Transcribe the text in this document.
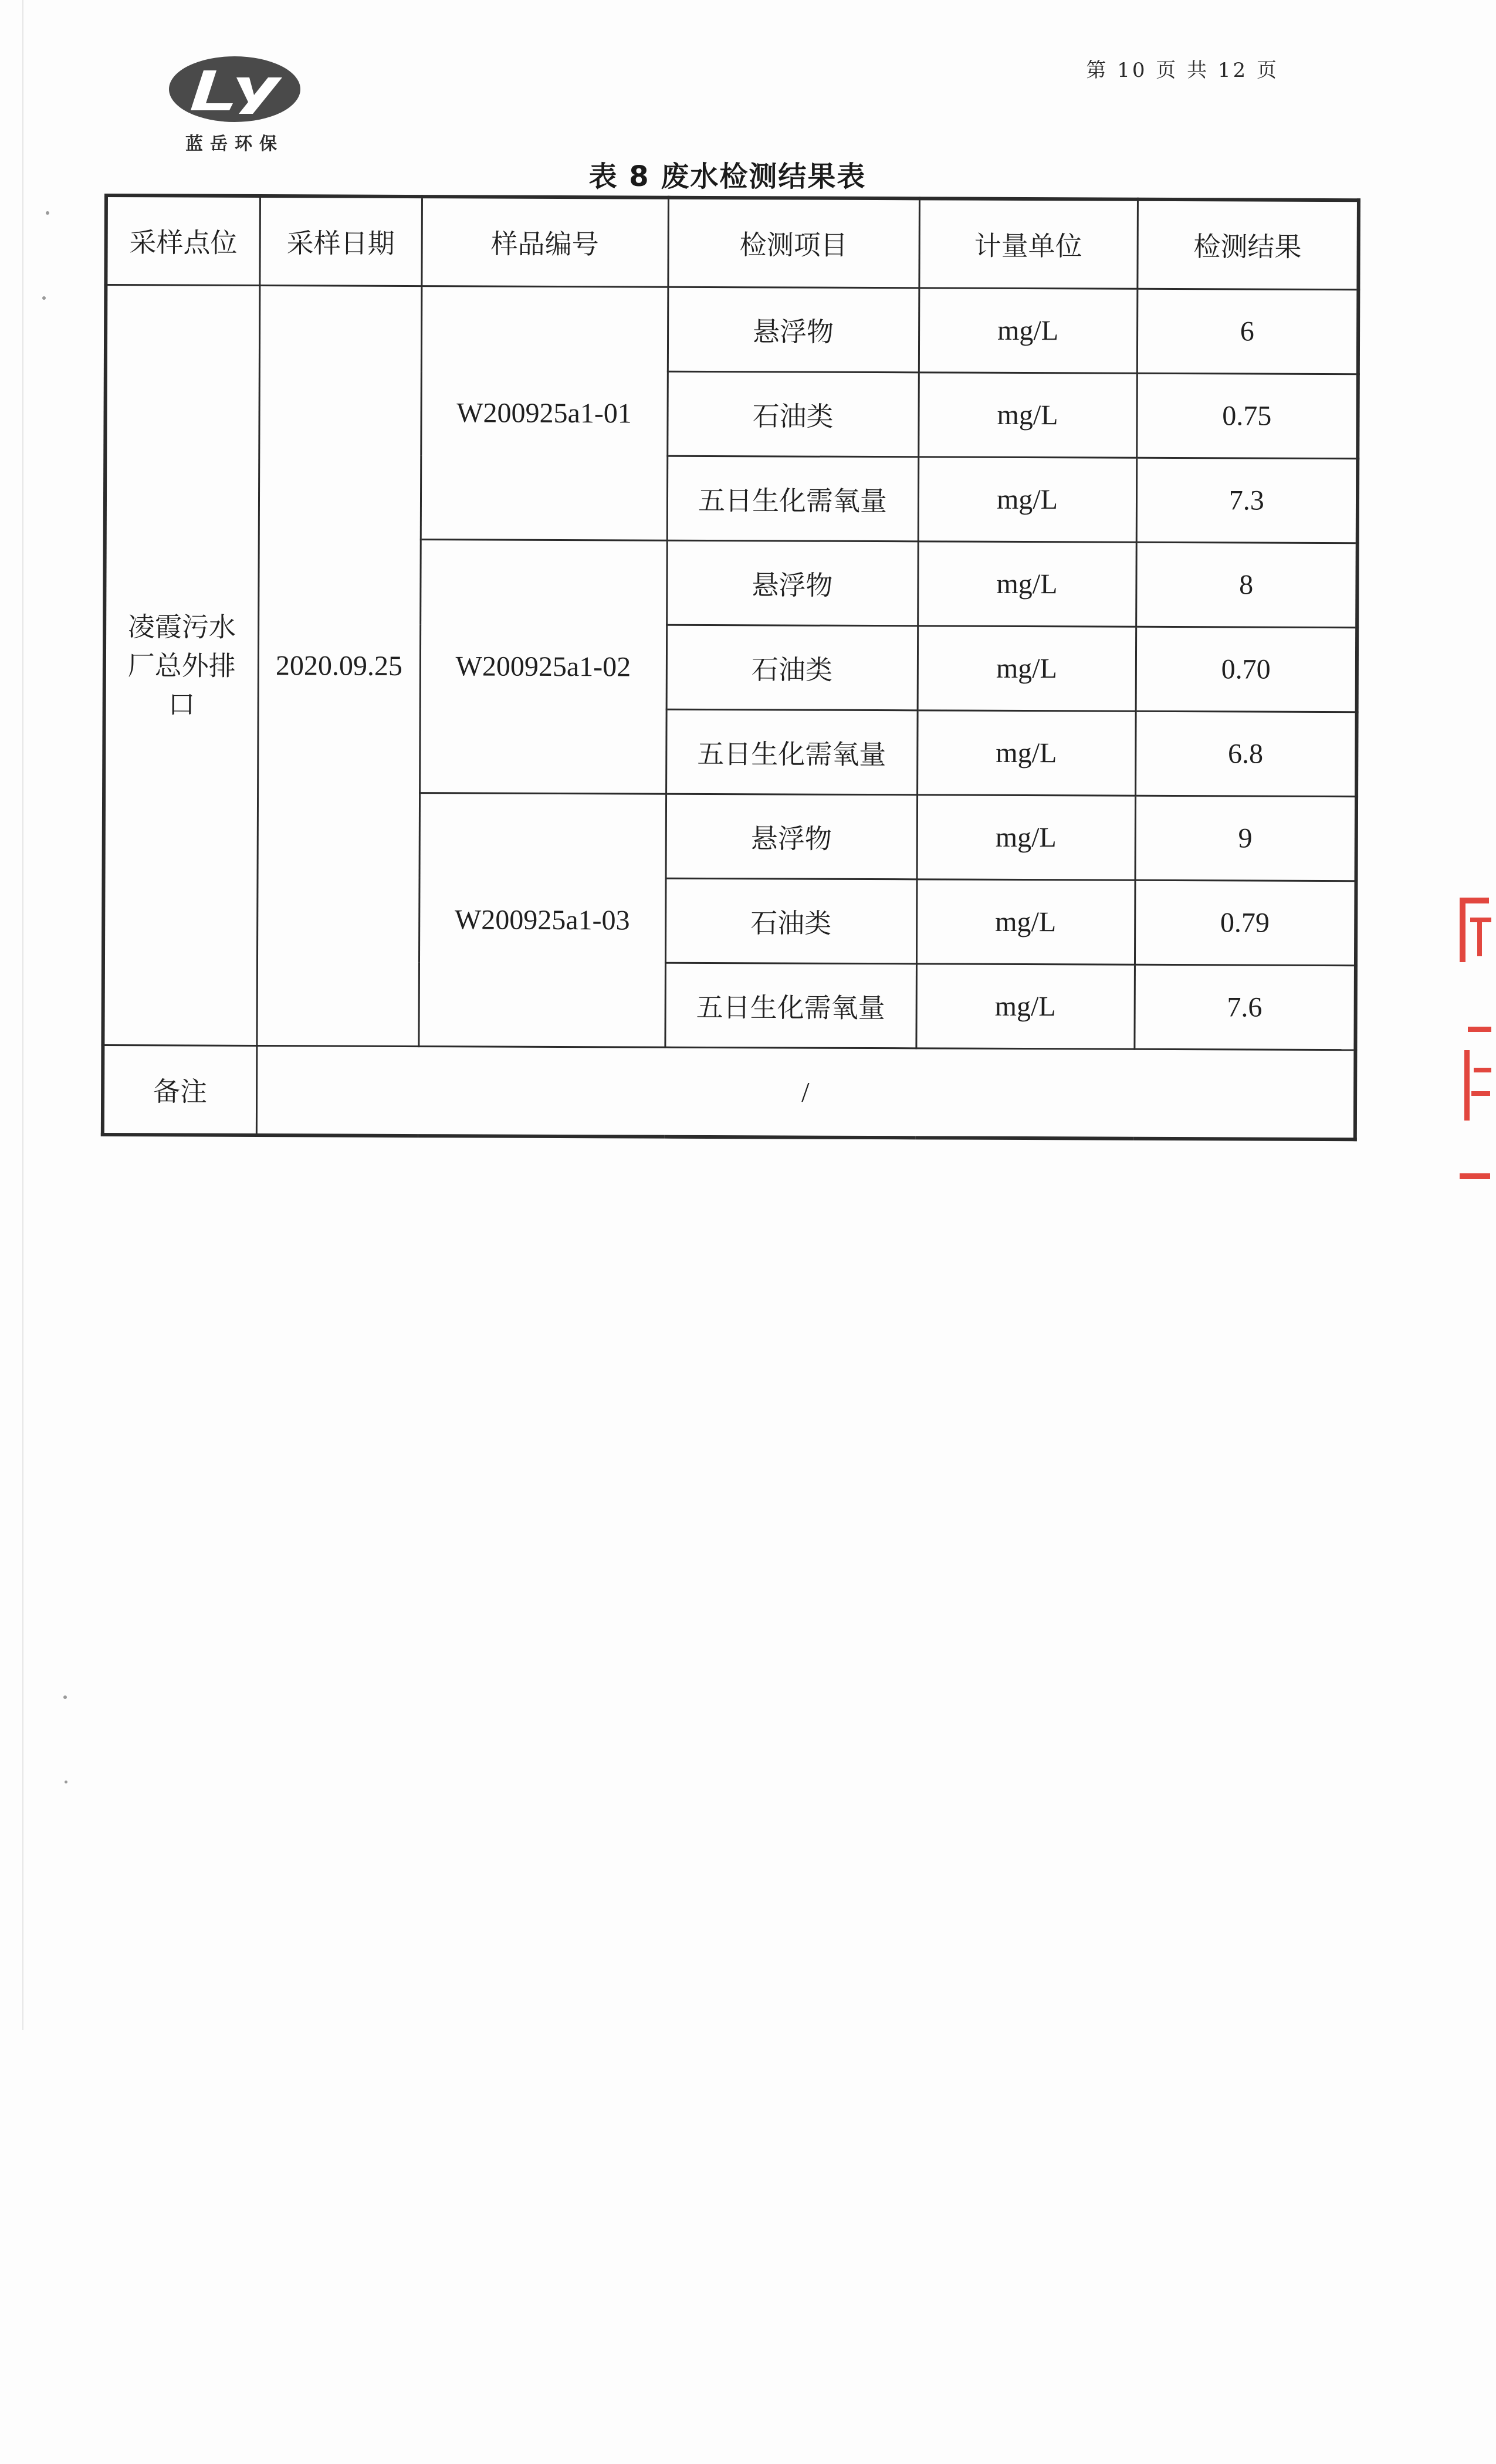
蓝岳环保
第 10 页 共 12 页
表 8 废水检测结果表
采样点位	采样日期	样品编号	检测项目	计量单位	检测结果
凌霞污水厂总外排口	2020.09.25	W200925a1-01	悬浮物	mg/L	6
			石油类	mg/L	0.75
			五日生化需氧量	mg/L	7.3
		W200925a1-02	悬浮物	mg/L	8
			石油类	mg/L	0.70
			五日生化需氧量	mg/L	6.8
		W200925a1-03	悬浮物	mg/L	9
			石油类	mg/L	0.79
			五日生化需氧量	mg/L	7.6
备注	/				
